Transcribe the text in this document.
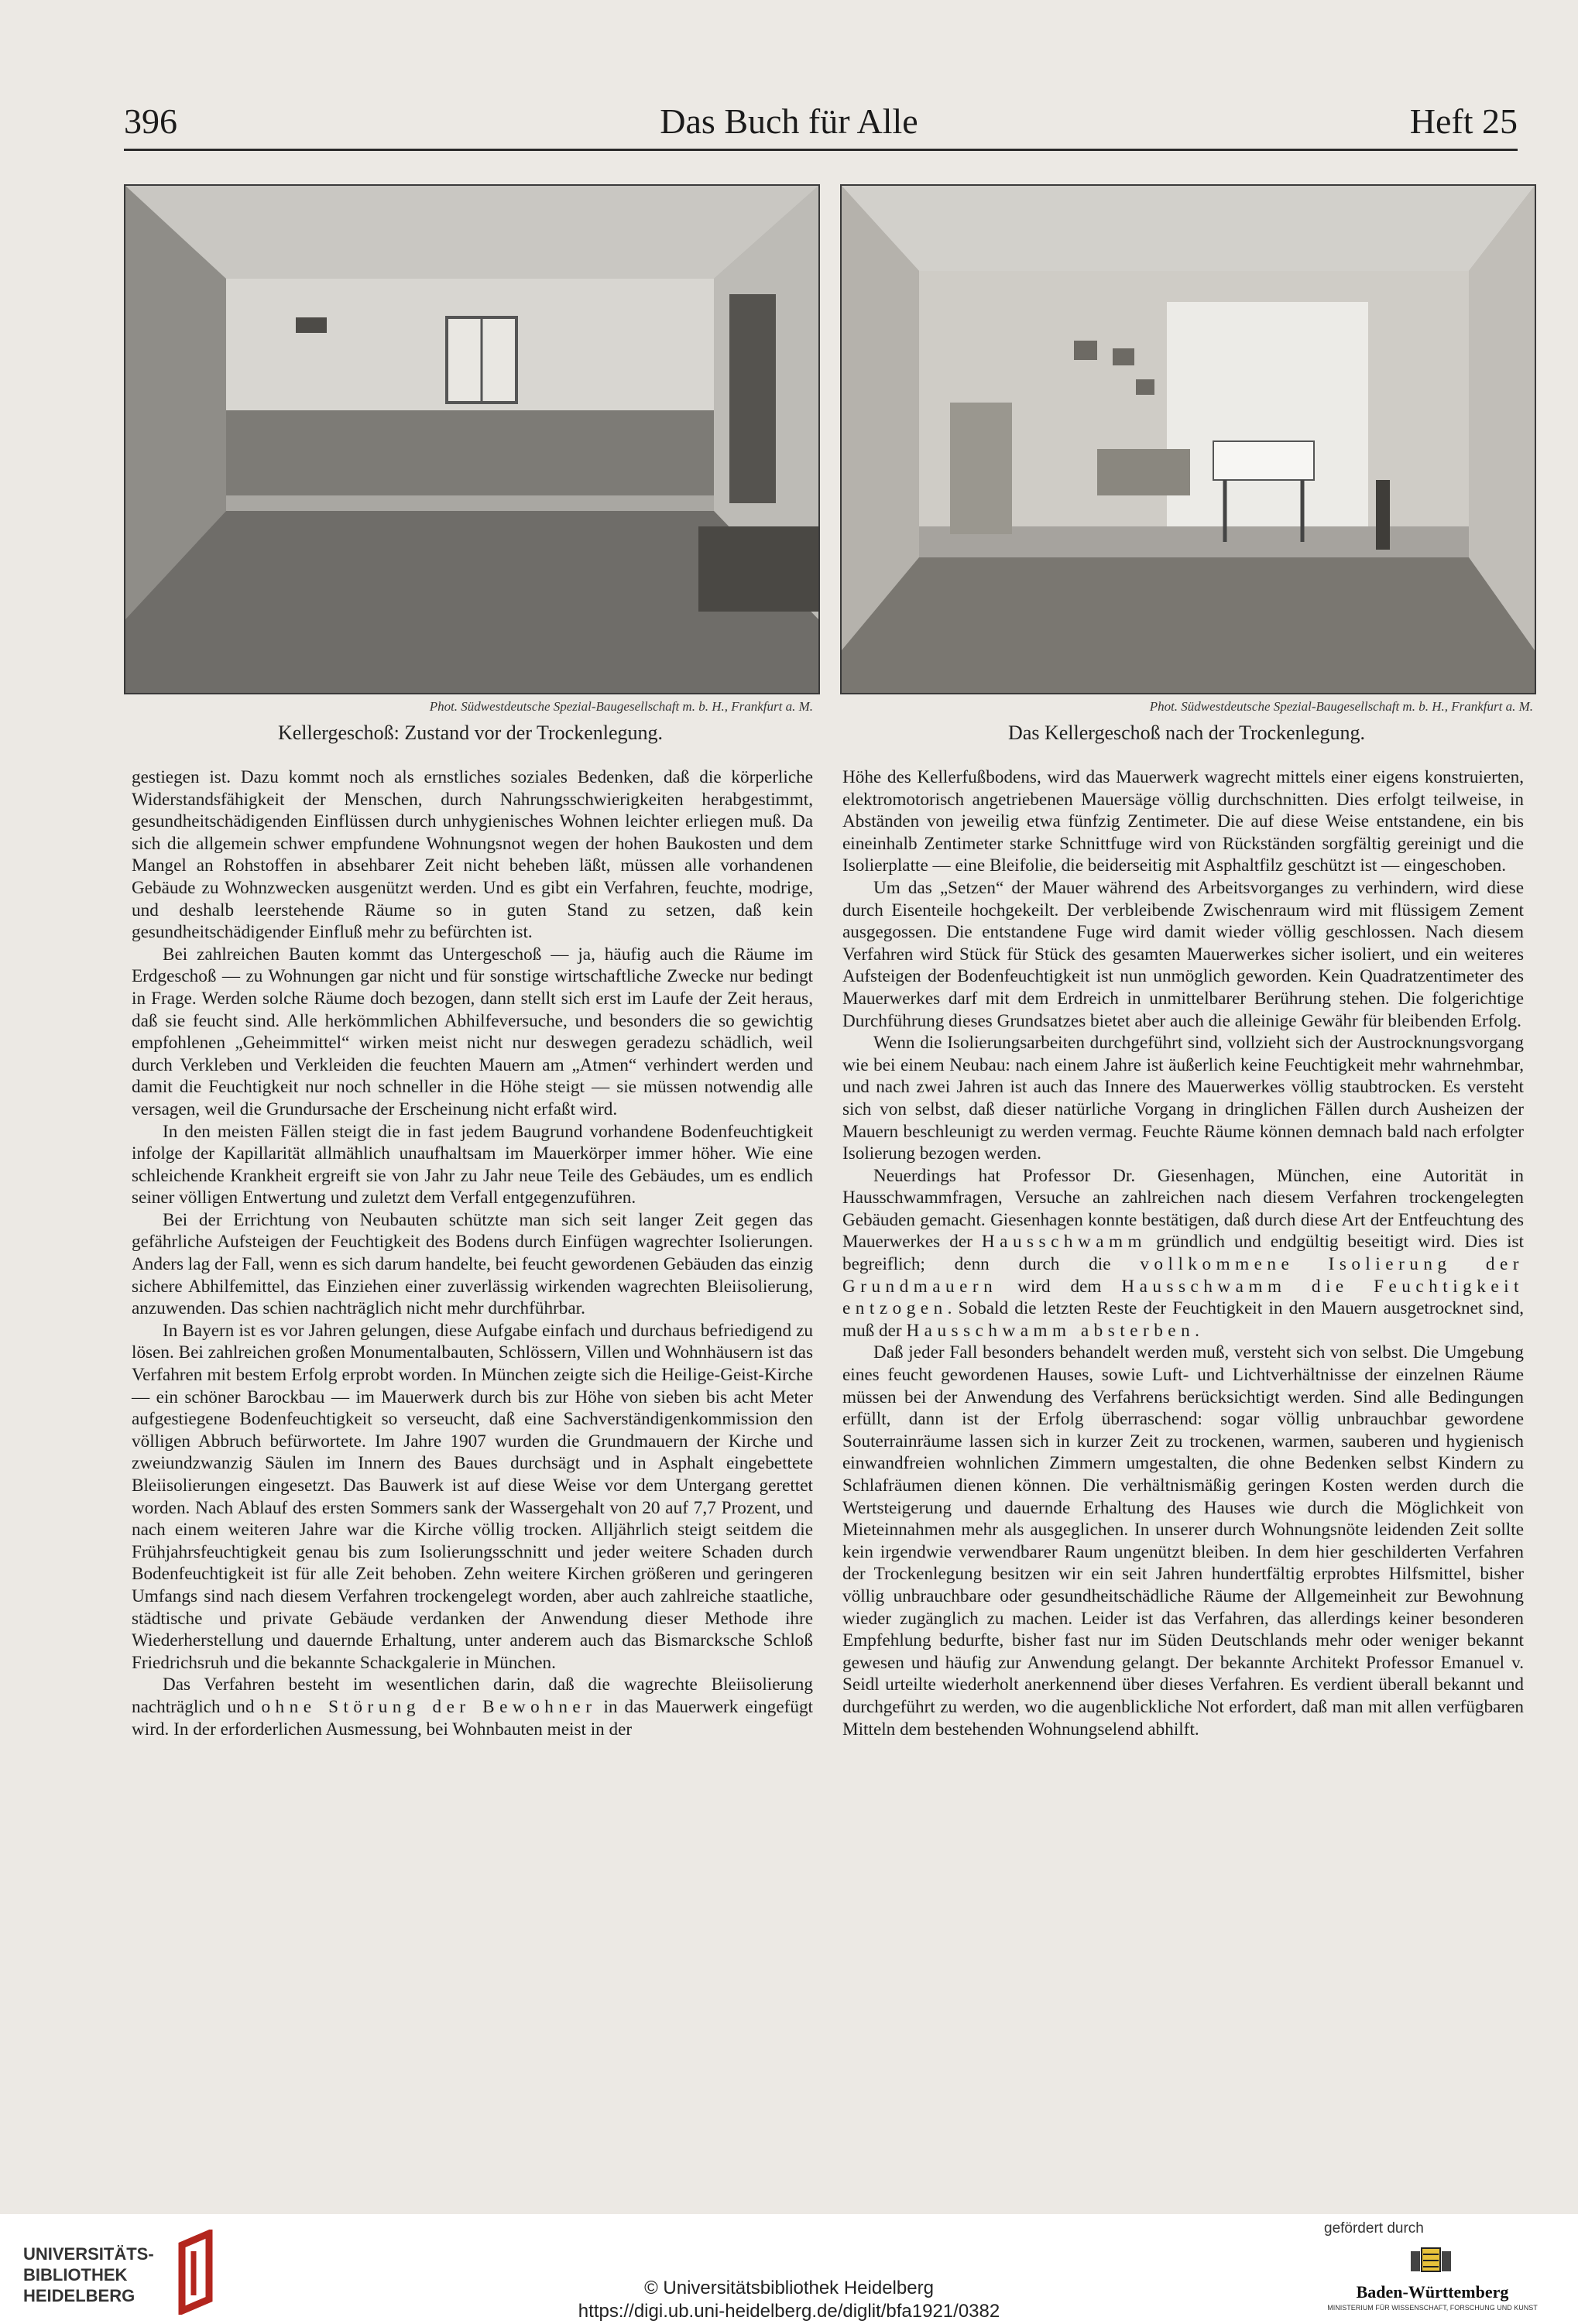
396	Das Buch für Alle	Heft 25
Phot. Südwestdeutsche Spezial-Baugesellschaft m. b. H., Frankfurt a. M.
Kellergeschoß: Zustand vor der Trockenlegung.
Phot. Südwestdeutsche Spezial-Baugesellschaft m. b. H., Frankfurt a. M.
Das Kellergeschoß nach der Trockenlegung.

gestiegen ist. Dazu kommt noch als ernstliches soziales Bedenken, daß die körperliche Widerstandsfähigkeit der Menschen, durch Nahrungsschwierigkeiten herabgestimmt, gesundheitschädigenden Einflüssen durch unhygienisches Wohnen leichter erliegen muß. Da sich die allgemein schwer empfundene Wohnungsnot wegen der hohen Baukosten und dem Mangel an Rohstoffen in absehbarer Zeit nicht beheben läßt, müssen alle vorhandenen Gebäude zu Wohnzwecken ausgenützt werden. Und es gibt ein Verfahren, feuchte, modrige, und deshalb leerstehende Räume so in guten Stand zu setzen, daß kein gesundheitschädigender Einfluß mehr zu befürchten ist.

Bei zahlreichen Bauten kommt das Untergeschoß — ja, häufig auch die Räume im Erdgeschoß — zu Wohnungen gar nicht und für sonstige wirtschaftliche Zwecke nur bedingt in Frage. Werden solche Räume doch bezogen, dann stellt sich erst im Laufe der Zeit heraus, daß sie feucht sind. Alle herkömmlichen Abhilfeversuche, und besonders die so gewichtig empfohlenen „Geheimmittel“ wirken meist nicht nur deswegen geradezu schädlich, weil durch Verkleben und Verkleiden die feuchten Mauern am „Atmen“ verhindert werden und damit die Feuchtigkeit nur noch schneller in die Höhe steigt — sie müssen notwendig alle versagen, weil die Grundursache der Erscheinung nicht erfaßt wird.

In den meisten Fällen steigt die in fast jedem Baugrund vorhandene Bodenfeuchtigkeit infolge der Kapillarität allmählich unaufhaltsam im Mauerkörper immer höher. Wie eine schleichende Krankheit ergreift sie von Jahr zu Jahr neue Teile des Gebäudes, um es endlich seiner völligen Entwertung und zuletzt dem Verfall entgegenzuführen.

Bei der Errichtung von Neubauten schützte man sich seit langer Zeit gegen das gefährliche Aufsteigen der Feuchtigkeit des Bodens durch Einfügen wagrechter Isolierungen. Anders lag der Fall, wenn es sich darum handelte, bei feucht gewordenen Gebäuden das einzig sichere Abhilfemittel, das Einziehen einer zuverlässig wirkenden wagrechten Bleiisolierung, anzuwenden. Das schien nachträglich nicht mehr durchführbar.

In Bayern ist es vor Jahren gelungen, diese Aufgabe einfach und durchaus befriedigend zu lösen. Bei zahlreichen großen Monumentalbauten, Schlössern, Villen und Wohnhäusern ist das Verfahren mit bestem Erfolg erprobt worden. In München zeigte sich die Heilige-Geist-Kirche — ein schöner Barockbau — im Mauerwerk durch bis zur Höhe von sieben bis acht Meter aufgestiegene Bodenfeuchtigkeit so verseucht, daß eine Sachverständigenkommission den völligen Abbruch befürwortete. Im Jahre 1907 wurden die Grundmauern der Kirche und zweiundzwanzig Säulen im Innern des Baues durchsägt und in Asphalt eingebettete Bleiisolierungen eingesetzt. Das Bauwerk ist auf diese Weise vor dem Untergang gerettet worden. Nach Ablauf des ersten Sommers sank der Wassergehalt von 20 auf 7,7 Prozent, und nach einem weiteren Jahre war die Kirche völlig trocken. Alljährlich steigt seitdem die Frühjahrsfeuchtigkeit genau bis zum Isolierungsschnitt und jeder weitere Schaden durch Bodenfeuchtigkeit ist für alle Zeit behoben. Zehn weitere Kirchen größeren und geringeren Umfangs sind nach diesem Verfahren trockengelegt worden, aber auch zahlreiche staatliche, städtische und private Gebäude verdanken der Anwendung dieser Methode ihre Wiederherstellung und dauernde Erhaltung, unter anderem auch das Bismarcksche Schloß Friedrichsruh und die bekannte Schackgalerie in München.

Das Verfahren besteht im wesentlichen darin, daß die wagrechte Bleiisolierung nachträglich und ohne Störung der Bewohner in das Mauerwerk eingefügt wird. In der erforderlichen Ausmessung, bei Wohnbauten meist in der

Höhe des Kellerfußbodens, wird das Mauerwerk wagrecht mittels einer eigens konstruierten, elektromotorisch angetriebenen Mauersäge völlig durchschnitten. Dies erfolgt teilweise, in Abständen von jeweilig etwa fünfzig Zentimeter. Die auf diese Weise entstandene, ein bis eineinhalb Zentimeter starke Schnittfuge wird von Rückständen sorgfältig gereinigt und die Isolierplatte — eine Bleifolie, die beiderseitig mit Asphaltfilz geschützt ist — eingeschoben.

Um das „Setzen“ der Mauer während des Arbeitsvorganges zu verhindern, wird diese durch Eisenteile hochgekeilt. Der verbleibende Zwischenraum wird mit flüssigem Zement ausgegossen. Die entstandene Fuge wird damit wieder völlig geschlossen. Nach diesem Verfahren wird Stück für Stück des gesamten Mauerwerkes sicher isoliert, und ein weiteres Aufsteigen der Bodenfeuchtigkeit ist nun unmöglich geworden. Kein Quadratzentimeter des Mauerwerkes darf mit dem Erdreich in unmittelbarer Berührung stehen. Die folgerichtige Durchführung dieses Grundsatzes bietet aber auch die alleinige Gewähr für bleibenden Erfolg.

Wenn die Isolierungsarbeiten durchgeführt sind, vollzieht sich der Austrocknungsvorgang wie bei einem Neubau: nach einem Jahre ist äußerlich keine Feuchtigkeit mehr wahrnehmbar, und nach zwei Jahren ist auch das Innere des Mauerwerkes völlig staubtrocken. Es versteht sich von selbst, daß dieser natürliche Vorgang in dringlichen Fällen durch Ausheizen der Mauern beschleunigt zu werden vermag. Feuchte Räume können demnach bald nach erfolgter Isolierung bezogen werden.

Neuerdings hat Professor Dr. Giesenhagen, München, eine Autorität in Hausschwammfragen, Versuche an zahlreichen nach diesem Verfahren trockengelegten Gebäuden gemacht. Giesenhagen konnte bestätigen, daß durch diese Art der Entfeuchtung des Mauerwerkes der Hausschwamm gründlich und endgültig beseitigt wird. Dies ist begreiflich; denn durch die vollkommene Isolierung der Grundmauern wird dem Hausschwamm die Feuchtigkeit entzogen. Sobald die letzten Reste der Feuchtigkeit in den Mauern ausgetrocknet sind, muß der Hausschwamm absterben.

Daß jeder Fall besonders behandelt werden muß, versteht sich von selbst. Die Umgebung eines feucht gewordenen Hauses, sowie Luft- und Lichtverhältnisse der einzelnen Räume müssen bei der Anwendung des Verfahrens berücksichtigt werden. Sind alle Bedingungen erfüllt, dann ist der Erfolg überraschend: sogar völlig unbrauchbar gewordene Souterrainräume lassen sich in kurzer Zeit zu trockenen, warmen, sauberen und hygienisch einwandfreien wohnlichen Zimmern umgestalten, die ohne Bedenken selbst Kindern zu Schlafräumen dienen können. Die verhältnismäßig geringen Kosten werden durch die Wertsteigerung und dauernde Erhaltung des Hauses wie durch die Möglichkeit von Mieteinnahmen mehr als ausgeglichen. In unserer durch Wohnungsnöte leidenden Zeit sollte kein irgendwie verwendbarer Raum ungenützt bleiben. In dem hier geschilderten Verfahren der Trockenlegung besitzen wir ein seit Jahren hundertfältig erprobtes Hilfsmittel, bisher völlig unbrauchbare oder gesundheitschädliche Räume der Allgemeinheit zur Bewohnung wieder zugänglich zu machen. Leider ist das Verfahren, das allerdings keiner besonderen Empfehlung bedurfte, bisher fast nur im Süden Deutschlands mehr oder weniger bekannt gewesen und häufig zur Anwendung gelangt. Der bekannte Architekt Professor Emanuel v. Seidl urteilte wiederholt anerkennend über dieses Verfahren. Es verdient überall bekannt und durchgeführt zu werden, wo die augenblickliche Not erfordert, daß man mit allen verfügbaren Mitteln dem bestehenden Wohnungselend abhilft.

UNIVERSITÄTS-
BIBLIOTHEK
HEIDELBERG	© Universitätsbibliothek Heidelberg
https://digi.ub.uni-heidelberg.de/diglit/bfa1921/0382
gefördert durch
Baden-Württemberg
MINISTERIUM FÜR WISSENSCHAFT, FORSCHUNG UND KUNST
